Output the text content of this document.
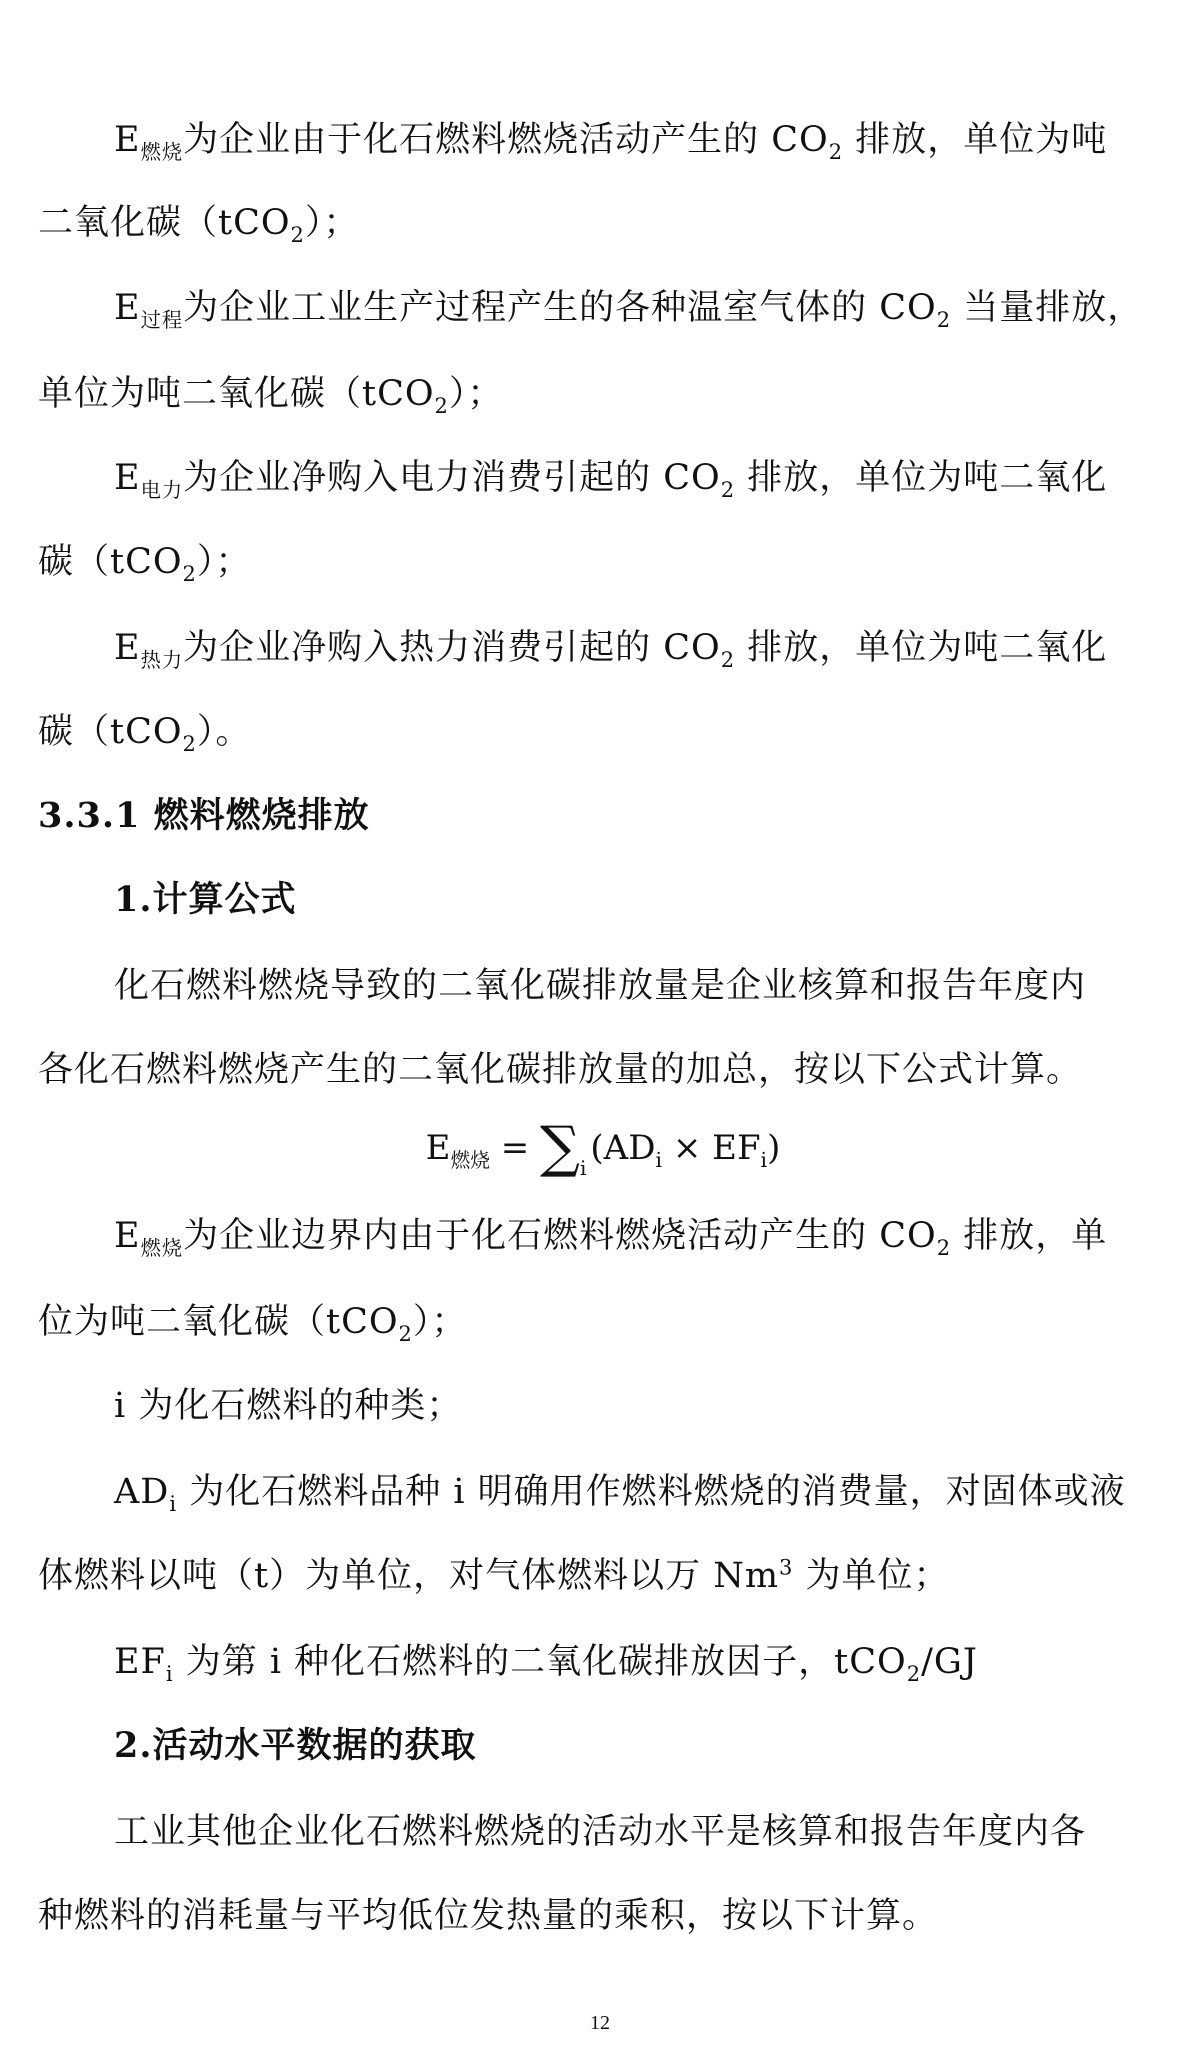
$E_{燃烧}$为企业由于化石燃料燃烧活动产生的 $CO_2$ 排放，单位为吨
二氧化碳（tCO$_2$）；
$E_{过程}$为企业工业生产过程产生的各种温室气体的 $CO_2$ 当量排放，
单位为吨二氧化碳（tCO$_2$）；
$E_{电力}$为企业净购入电力消费引起的 $CO_2$ 排放，单位为吨二氧化
碳（tCO$_2$）；
$E_{热力}$为企业净购入热力消费引起的 $CO_2$ 排放，单位为吨二氧化
碳（tCO$_2$）。
3.3.1 燃料燃烧排放
1.计算公式
化石燃料燃烧导致的二氧化碳排放量是企业核算和报告年度内
各化石燃料燃烧产生的二氧化碳排放量的加总，按以下公式计算。
$E_{燃烧} = \sum_i$ $(AD_i \times EF_i)$
$E_{燃烧}$为企业边界内由于化石燃料燃烧活动产生的 $CO_2$ 排放，单
位为吨二氧化碳（tCO$_2$）；
i 为化石燃料的种类；
$AD_i$ 为化石燃料品种 i 明确用作燃料燃烧的消费量，对固体或液
体燃料以吨（t）为单位，对气体燃料以万 Nm$^3$ 为单位；
$EF_i$ 为第 i 种化石燃料的二氧化碳排放因子，tCO$_2$/GJ
2.活动水平数据的获取
工业其他企业化石燃料燃烧的活动水平是核算和报告年度内各
种燃料的消耗量与平均低位发热量的乘积，按以下计算。
12
